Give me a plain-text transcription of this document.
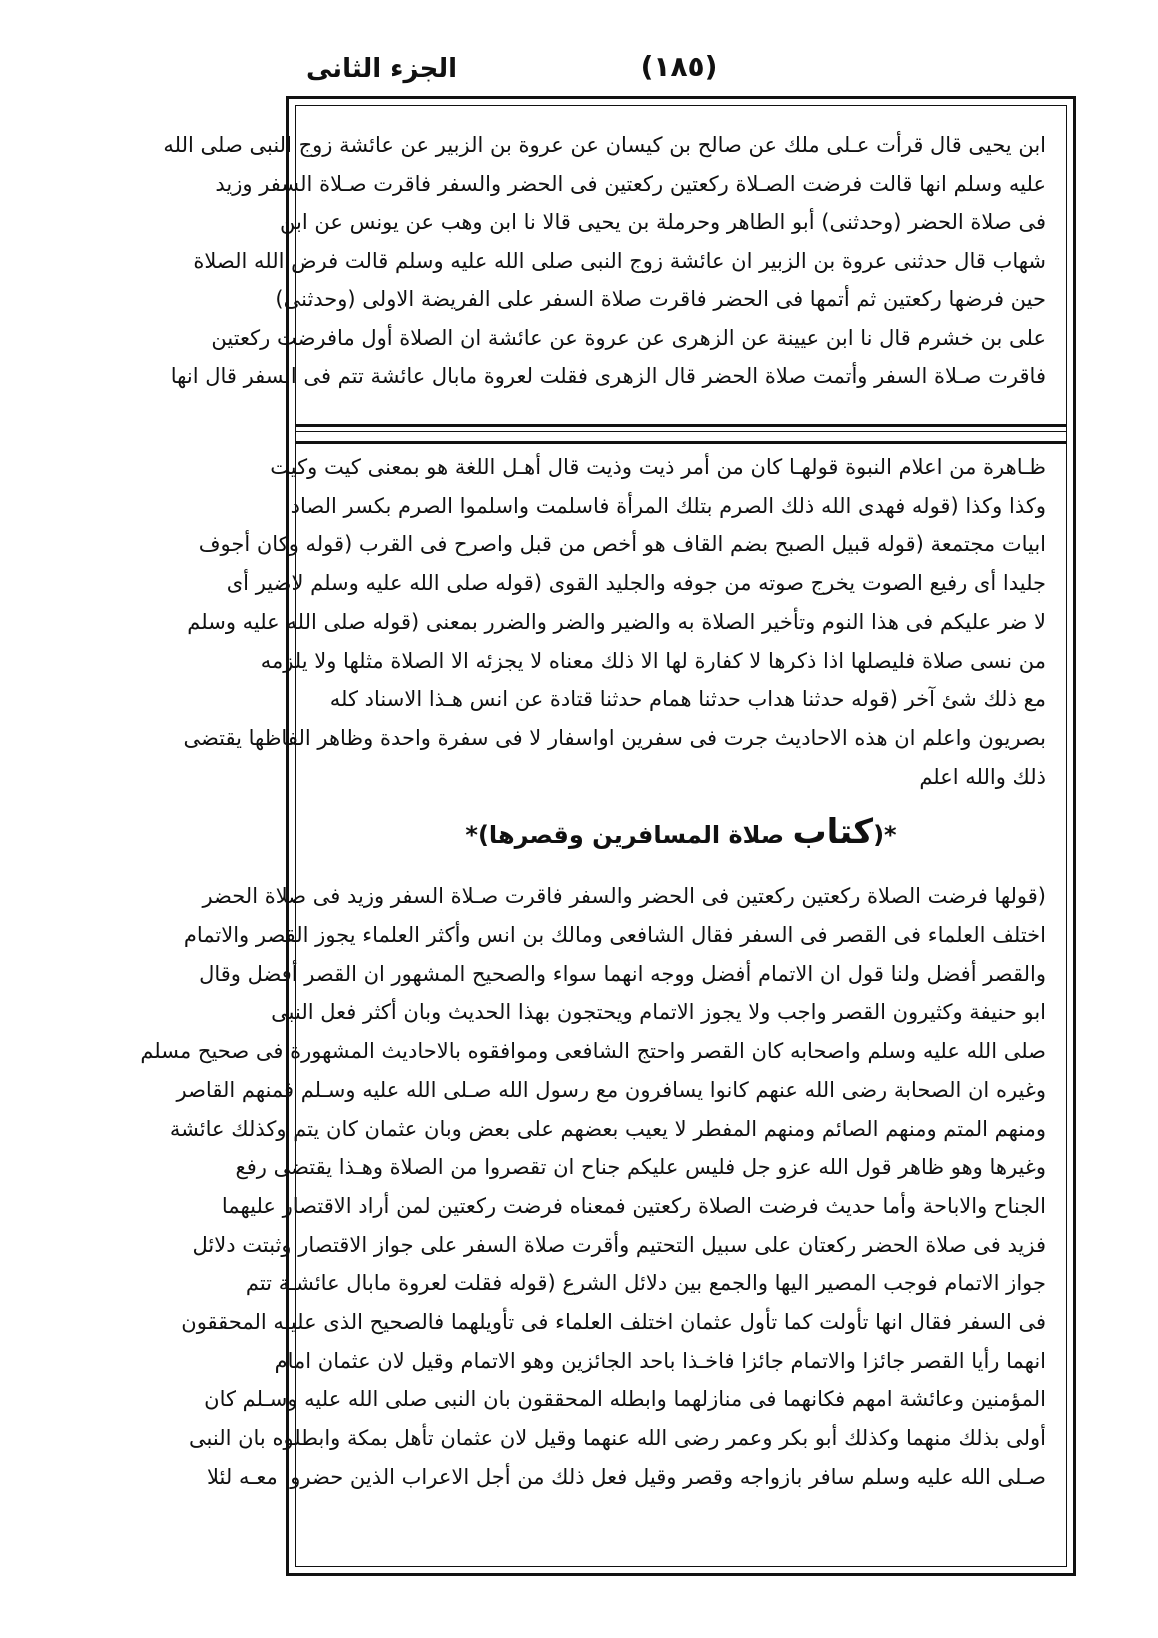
(١٨٥)
الجزء الثانى
ابن يحيى قال قرأت عـلى ملك عن صالح بن كيسان عن عروة بن الزبير عن عائشة زوج النبى صلى الله
عليه وسلم انها قالت فرضت الصـلاة ركعتين ركعتين فى الحضر والسفر فاقرت صـلاة السفر وزيد
فى صلاة الحضر (وحدثنى) أبو الطاهر وحرملة بن يحيى قالا نا ابن وهب عن يونس عن ابن
شهاب قال حدثنى عروة بن الزبير ان عائشة زوج النبى صلى الله عليه وسلم قالت فرض الله الصلاة
حين فرضها ركعتين ثم أتمها فى الحضر فاقرت صلاة السفر على الفريضة الاولى (وحدثنى)
على بن خشرم قال نا ابن عيينة عن الزهرى عن عروة عن عائشة ان الصلاة أول مافرضت ركعتين
فاقرت صـلاة السفر وأتمت صلاة الحضر قال الزهرى فقلت لعروة مابال عائشة تتم فى السفر قال انها
ظـاهرة من اعلام النبوة قولهـا كان من أمر ذيت وذيت قال أهـل اللغة هو بمعنى كيت وكيت
وكذا وكذا (قوله فهدى الله ذلك الصرم بتلك المرأة فاسلمت واسلموا الصرم بكسر الصاد
ابيات مجتمعة (قوله قبيل الصبح بضم القاف هو أخص من قبل واصرح فى القرب (قوله وكان أجوف
جليدا أى رفيع الصوت يخرج صوته من جوفه والجليد القوى (قوله صلى الله عليه وسلم لاضير أى
لا ضر عليكم فى هذا النوم وتأخير الصلاة به والضير والضر والضرر بمعنى (قوله صلى الله عليه وسلم
من نسى صلاة فليصلها اذا ذكرها لا كفارة لها الا ذلك معناه لا يجزئه الا الصلاة مثلها ولا يلزمه
مع ذلك شئ آخر (قوله حدثنا هداب حدثنا همام حدثنا قتادة عن انس هـذا الاسناد كله
بصريون واعلم ان هذه الاحاديث جرت فى سفرين اواسفار لا فى سفرة واحدة وظاهر الفاظها يقتضى
ذلك والله اعلم
*(كتاب صلاة المسافرين وقصرها)*
(قولها فرضت الصلاة ركعتين ركعتين فى الحضر والسفر فاقرت صـلاة السفر وزيد فى صلاة الحضر
اختلف العلماء فى القصر فى السفر فقال الشافعى ومالك بن انس وأكثر العلماء يجوز القصر والاتمام
والقصر أفضل ولنا قول ان الاتمام أفضل ووجه انهما سواء والصحيح المشهور ان القصر أفضل وقال
ابو حنيفة وكثيرون القصر واجب ولا يجوز الاتمام ويحتجون بهذا الحديث وبان أكثر فعل النبى
صلى الله عليه وسلم واصحابه كان القصر واحتج الشافعى وموافقوه بالاحاديث المشهورة فى صحيح مسلم
وغيره ان الصحابة رضى الله عنهم كانوا يسافرون مع رسول الله صـلى الله عليه وسـلم فمنهم القاصر
ومنهم المتم ومنهم الصائم ومنهم المفطر لا يعيب بعضهم على بعض وبان عثمان كان يتم وكذلك عائشة
وغيرها وهو ظاهر قول الله عزو جل فليس عليكم جناح ان تقصروا من الصلاة وهـذا يقتضى رفع
الجناح والاباحة وأما حديث فرضت الصلاة ركعتين فمعناه فرضت ركعتين لمن أراد الاقتصار عليهما
فزيد فى صلاة الحضر ركعتان على سبيل التحتيم وأقرت صلاة السفر على جواز الاقتصار وثبتت دلائل
جواز الاتمام فوجب المصير اليها والجمع بين دلائل الشرع (قوله فقلت لعروة مابال عائشـة تتم
فى السفر فقال انها تأولت كما تأول عثمان اختلف العلماء فى تأويلهما فالصحيح الذى عليـه المحققون
انهما رأيا القصر جائزا والاتمام جائزا فاخـذا باحد الجائزين وهو الاتمام وقيل لان عثمان امام
المؤمنين وعائشة امهم فكانهما فى منازلهما وابطله المحققون بان النبى صلى الله عليه وسـلم كان
أولى بذلك منهما وكذلك أبو بكر وعمر رضى الله عنهما وقيل لان عثمان تأهل بمكة وابطلوه بان النبى
صـلى الله عليه وسلم سافر بازواجه وقصر وقيل فعل ذلك من أجل الاعراب الذين حضروا معـه لئلا
